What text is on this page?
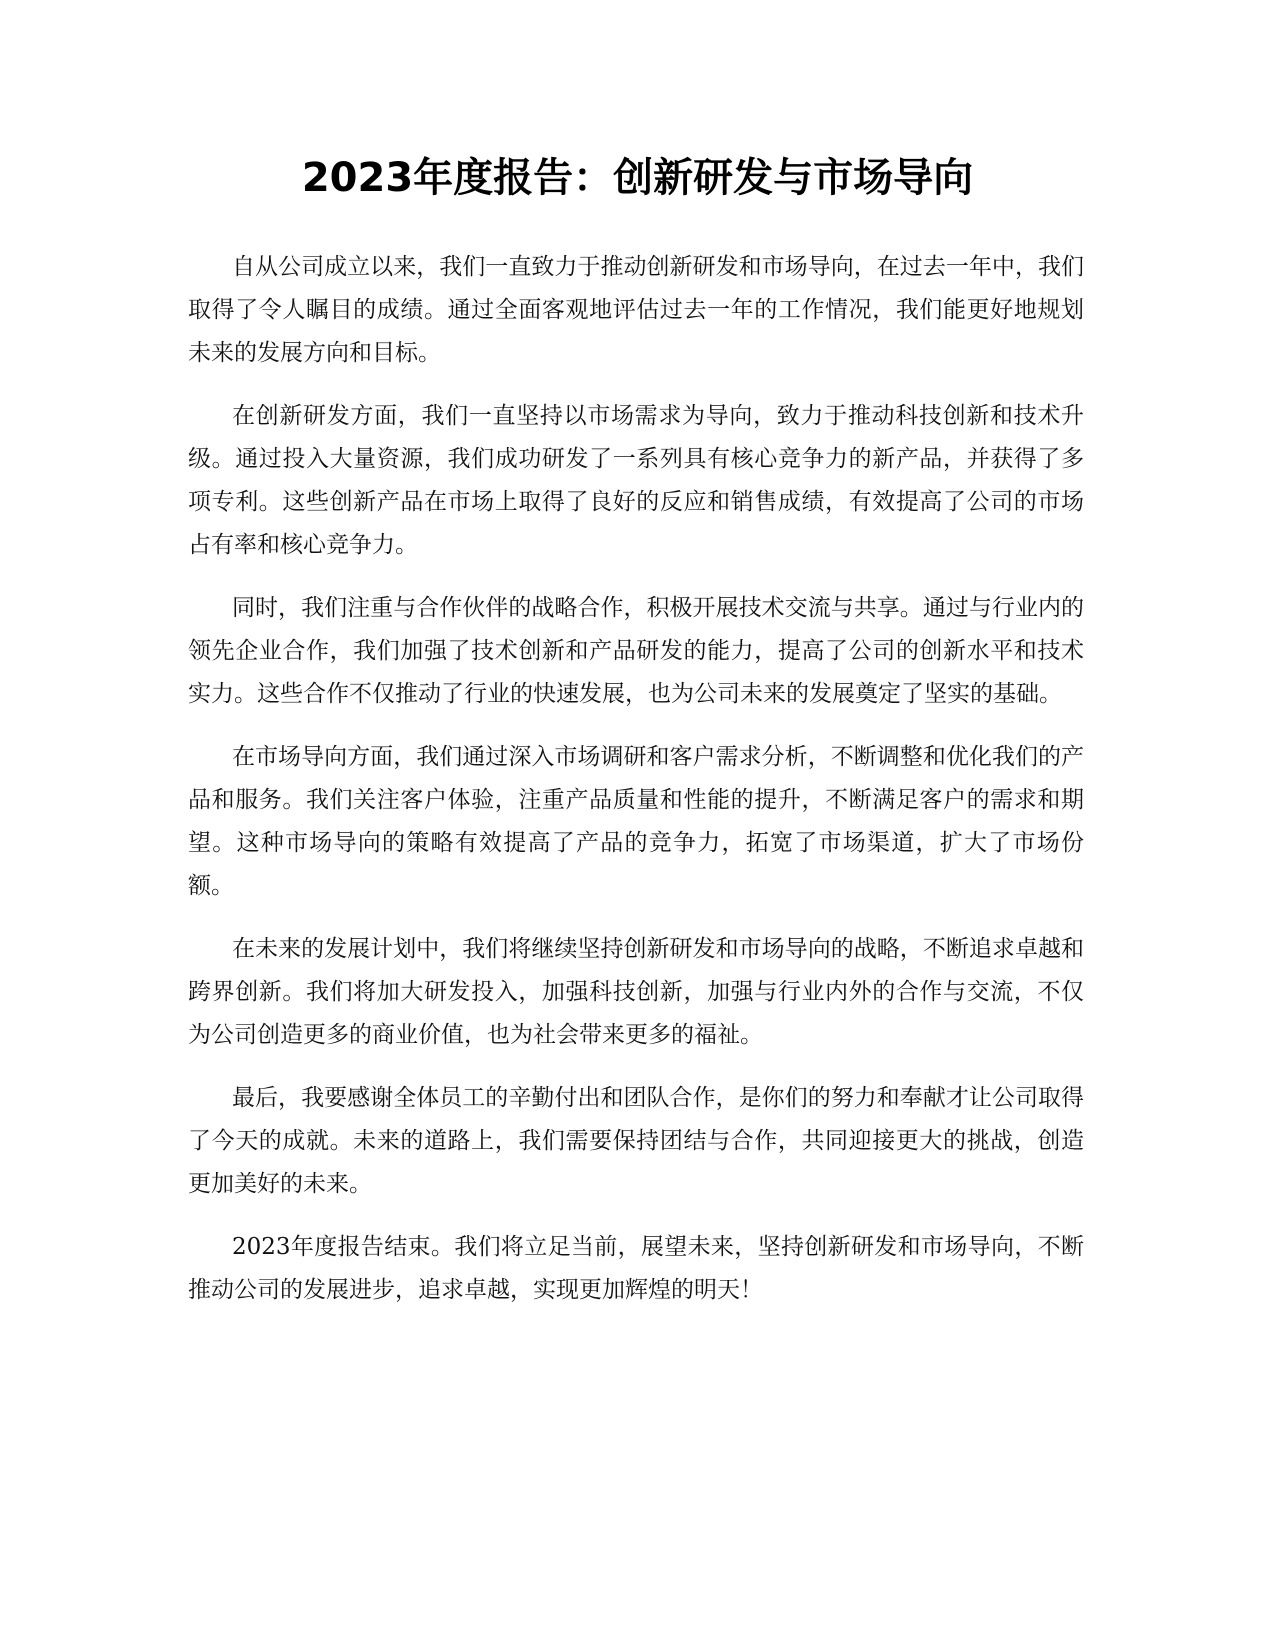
2023年度报告：创新研发与市场导向

自从公司成立以来，我们一直致力于推动创新研发和市场导向，在过去一年中，我们取得了令人瞩目的成绩。通过全面客观地评估过去一年的工作情况，我们能更好地规划未来的发展方向和目标。

在创新研发方面，我们一直坚持以市场需求为导向，致力于推动科技创新和技术升级。通过投入大量资源，我们成功研发了一系列具有核心竞争力的新产品，并获得了多项专利。这些创新产品在市场上取得了良好的反应和销售成绩，有效提高了公司的市场占有率和核心竞争力。

同时，我们注重与合作伙伴的战略合作，积极开展技术交流与共享。通过与行业内的领先企业合作，我们加强了技术创新和产品研发的能力，提高了公司的创新水平和技术实力。这些合作不仅推动了行业的快速发展，也为公司未来的发展奠定了坚实的基础。

在市场导向方面，我们通过深入市场调研和客户需求分析，不断调整和优化我们的产品和服务。我们关注客户体验，注重产品质量和性能的提升，不断满足客户的需求和期望。这种市场导向的策略有效提高了产品的竞争力，拓宽了市场渠道，扩大了市场份额。

在未来的发展计划中，我们将继续坚持创新研发和市场导向的战略，不断追求卓越和跨界创新。我们将加大研发投入，加强科技创新，加强与行业内外的合作与交流，不仅为公司创造更多的商业价值，也为社会带来更多的福祉。

最后，我要感谢全体员工的辛勤付出和团队合作，是你们的努力和奉献才让公司取得了今天的成就。未来的道路上，我们需要保持团结与合作，共同迎接更大的挑战，创造更加美好的未来。

2023年度报告结束。我们将立足当前，展望未来，坚持创新研发和市场导向，不断推动公司的发展进步，追求卓越，实现更加辉煌的明天！
